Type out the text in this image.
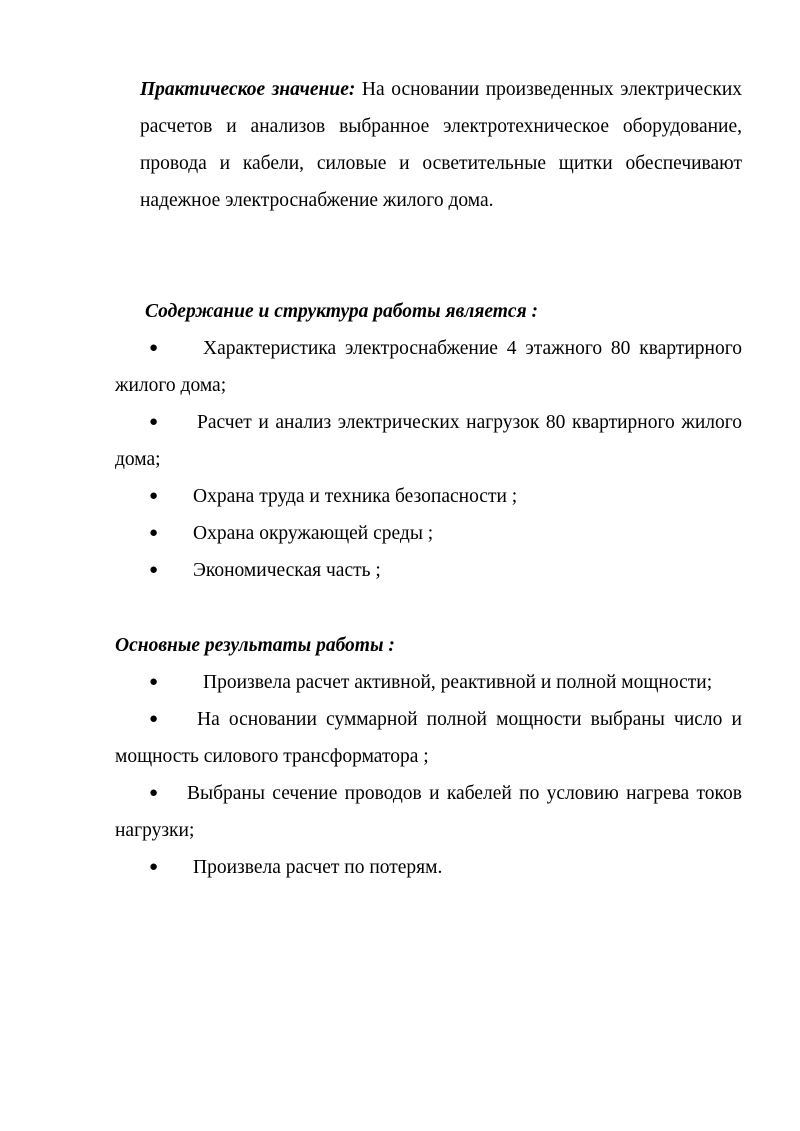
Практическое значение: На основании произведенных электрических расчетов и анализов выбранное электротехническое оборудование, провода и кабели, силовые и осветительные щитки обеспечивают надежное электроснабжение жилого дома.

Содержание и структура работы является :

●	Характеристика электроснабжение 4 этажного 80 квартирного жилого дома;
●	Расчет и анализ электрических нагрузок 80 квартирного жилого дома;
●	Охрана труда и техника безопасности ;
●	Охрана окружающей среды ;
●	Экономическая часть ;

Основные результаты работы :

●	Произвела расчет активной, реактивной и полной мощности;
●	На основании суммарной полной мощности выбраны число и мощность силового трансформатора ;
●	Выбраны сечение проводов и кабелей по условию нагрева токов нагрузки;
●	Произвела расчет по потерям.
